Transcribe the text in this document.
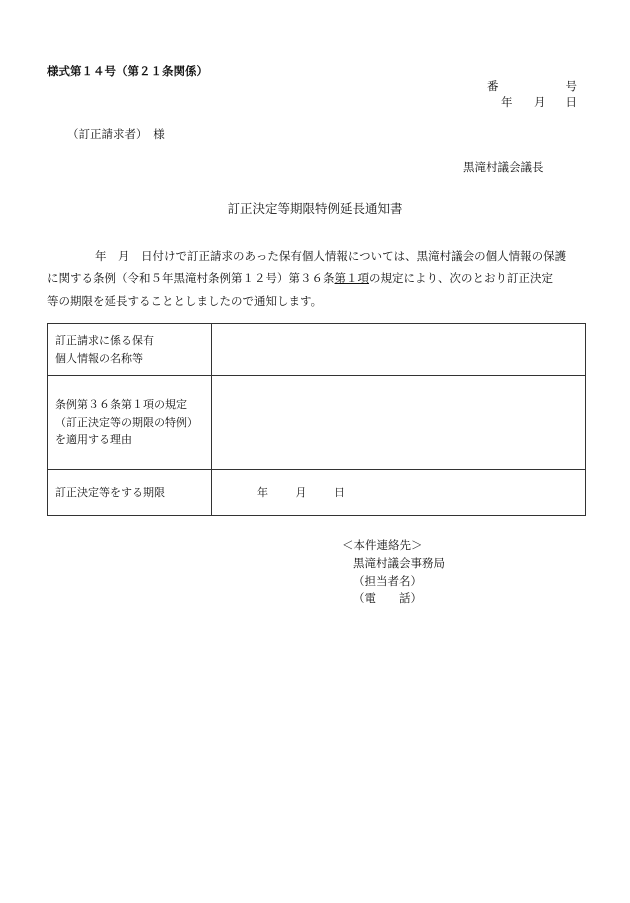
様式第１４号（第２１条関係）
番	号
年 月 日
（訂正請求者）　様
黒滝村議会議長
訂正決定等期限特例延長通知書

年　月　日付けで訂正請求のあった保有個人情報については、黒滝村議会の個人情報の保護

に関する条例（令和５年黒滝村条例第１２号）第３６条第１項の規定により、次のとおり訂正決定

等の期限を延長することとしましたので通知します。

訂正請求に係る保有
個人情報の名称等	

条例第３６条第１項の規定
（訂正決定等の期限の特例）
を適用する理由	

訂正決定等をする期限	年 月 日
＜本件連絡先＞
黒滝村議会事務局
（担当者名）
（電　　話）
